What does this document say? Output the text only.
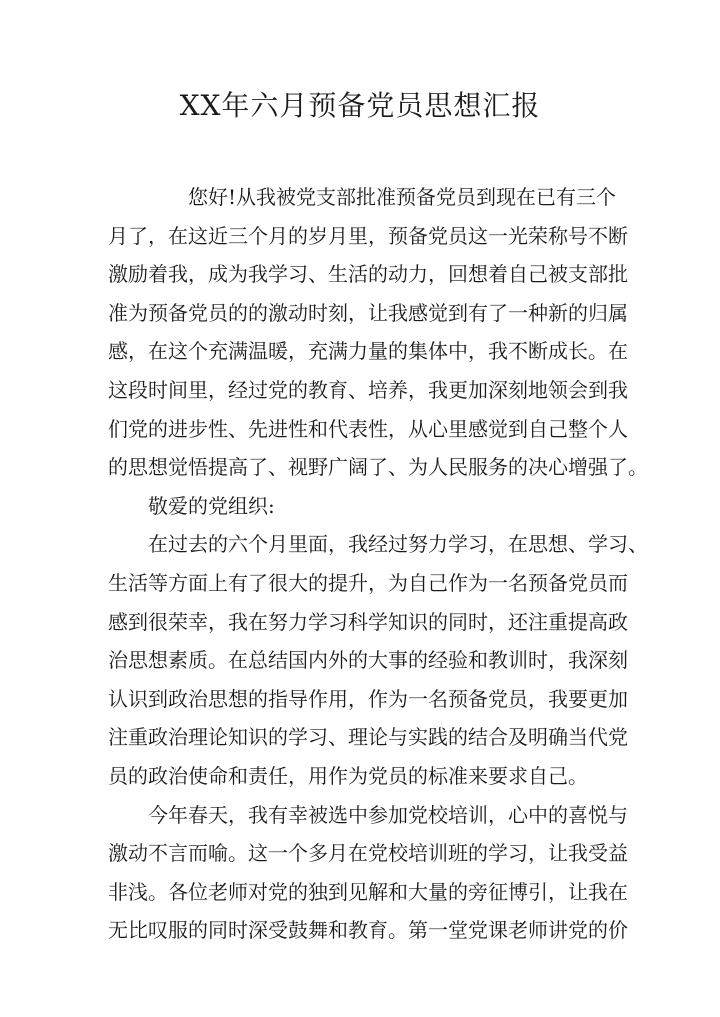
XX年六月预备党员思想汇报
您好!从我被党支部批准预备党员到现在已有三个
月了，在这近三个月的岁月里，预备党员这一光荣称号不断
激励着我，成为我学习、生活的动力，回想着自己被支部批
准为预备党员的的激动时刻，让我感觉到有了一种新的归属
感，在这个充满温暖，充满力量的集体中，我不断成长。在
这段时间里，经过党的教育、培养，我更加深刻地领会到我
们党的进步性、先进性和代表性，从心里感觉到自己整个人
的思想觉悟提高了、视野广阔了、为人民服务的决心增强了。
敬爱的党组织:
在过去的六个月里面，我经过努力学习，在思想、学习、
生活等方面上有了很大的提升，为自己作为一名预备党员而
感到很荣幸，我在努力学习科学知识的同时，还注重提高政
治思想素质。在总结国内外的大事的经验和教训时，我深刻
认识到政治思想的指导作用，作为一名预备党员，我要更加
注重政治理论知识的学习、理论与实践的结合及明确当代党
员的政治使命和责任，用作为党员的标准来要求自己。
今年春天，我有幸被选中参加党校培训，心中的喜悦与
激动不言而喻。这一个多月在党校培训班的学习，让我受益
非浅。各位老师对党的独到见解和大量的旁征博引，让我在
无比叹服的同时深受鼓舞和教育。第一堂党课老师讲党的价
